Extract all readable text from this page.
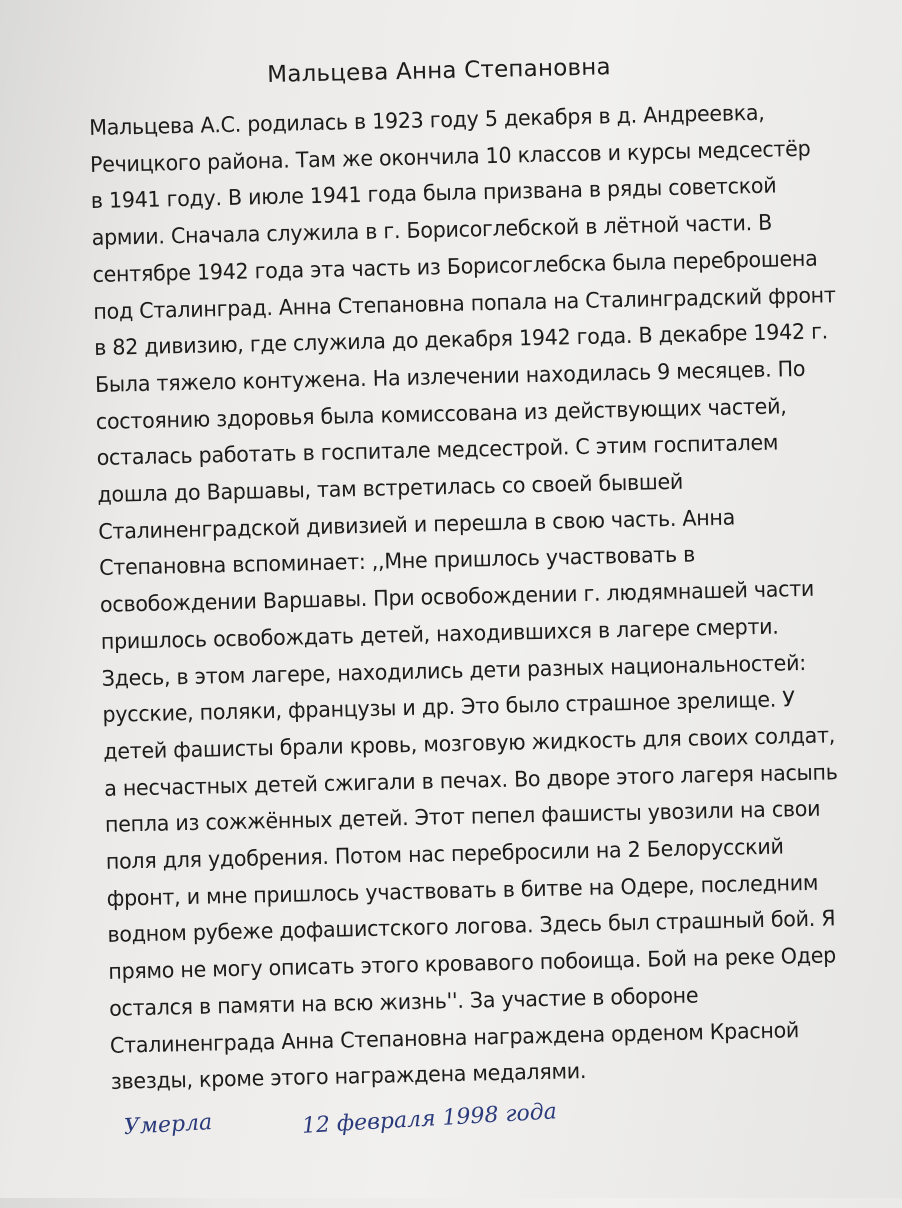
Мальцева Анна Степановна
Мальцева А.С. родилась в 1923 году 5 декабря в д. Андреевка,
Речицкого района. Там же окончила 10 классов и курсы медсестёр
в 1941 году. В июле 1941 года была призвана в ряды советской
армии. Сначала служила в г. Борисоглебской в лётной части. В
сентябре 1942 года эта часть из Борисоглебска была переброшена
под Сталинград. Анна Степановна попала на Сталинградский фронт
в 82 дивизию, где служила до декабря 1942 года. В декабре 1942 г.
Была тяжело контужена. На излечении находилась 9 месяцев. По
состоянию здоровья была комиссована из действующих частей,
осталась работать в госпитале медсестрой. С этим госпиталем
дошла до Варшавы, там встретилась со своей бывшей
Сталиненградской дивизией и перешла в свою часть. Анна
Степановна вспоминает: ,,Мне пришлось участвовать в
освобождении Варшавы. При освобождении г. людямнашей части
пришлось освобождать детей, находившихся в лагере смерти.
Здесь, в этом лагере, находились дети разных национальностей:
русские, поляки, французы и др. Это было страшное зрелище. У
детей фашисты брали кровь, мозговую жидкость для своих солдат,
а несчастных детей сжигали в печах. Во дворе этого лагеря насыпь
пепла из сожжённых детей. Этот пепел фашисты увозили на свои
поля для удобрения. Потом нас перебросили на 2 Белорусский
фронт, и мне пришлось участвовать в битве на Одере, последним
водном рубеже дофашистского логова. Здесь был страшный бой. Я
прямо не могу описать этого кровавого побоища. Бой на реке Одер
остался в памяти на всю жизнь''. За участие в обороне
Сталиненграда Анна Степановна награждена орденом Красной
звезды, кроме этого награждена медалями.
Умерла	12 февраля 1998 года
